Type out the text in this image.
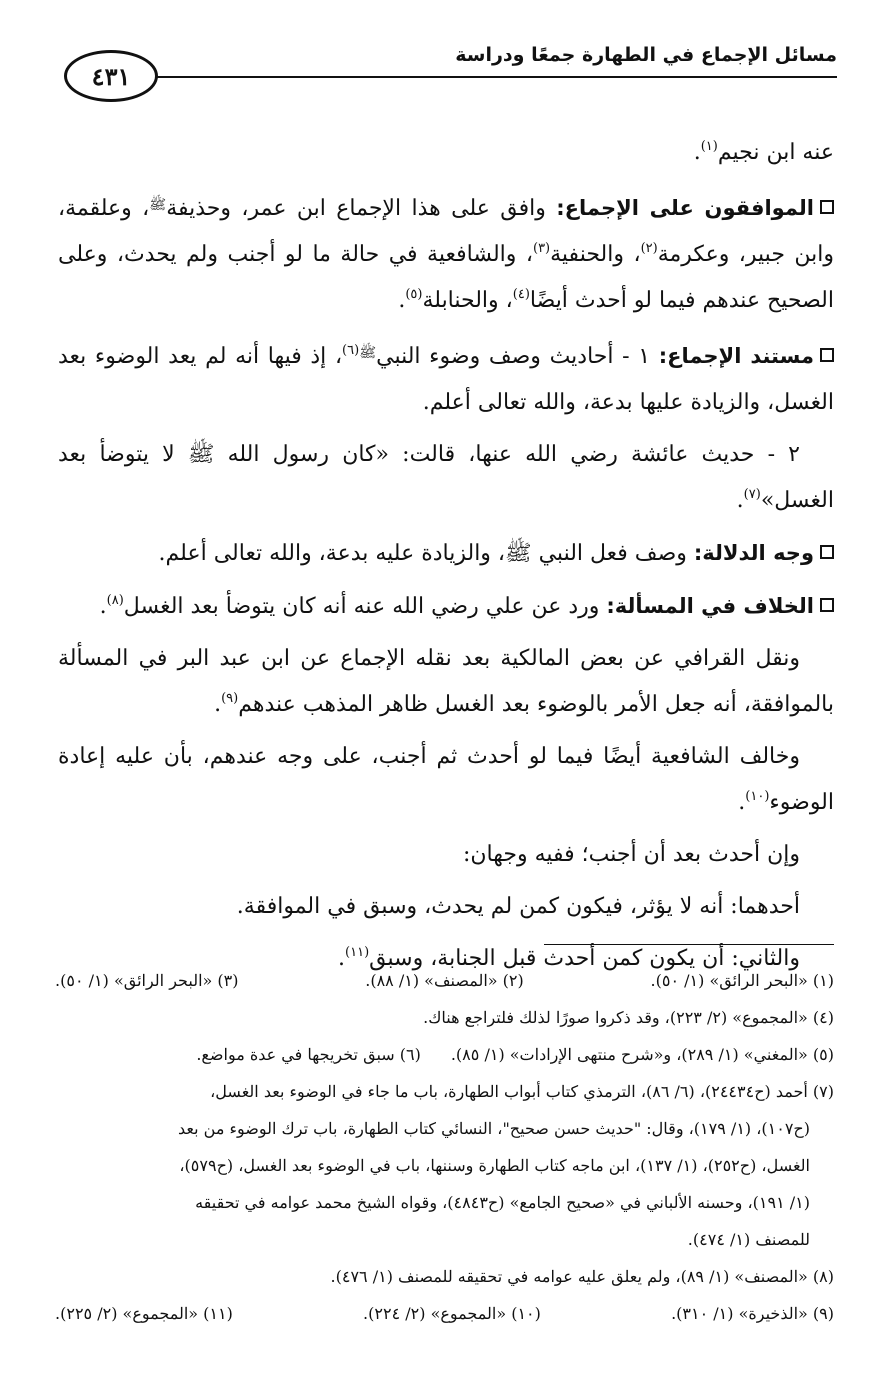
مسائل الإجماع في الطهارة جمعًا ودراسة
٤٣١

عنه ابن نجيم$^{(١)}$.

الموافقون على الإجماع: وافق على هذا الإجماع ابن عمر، وحذيفة$^ﷺ$، وعلقمة، وابن جبير، وعكرمة$^{(٢)}$، والحنفية$^{(٣)}$، والشافعية في حالة ما لو أجنب ولم يحدث، وعلى الصحيح عندهم فيما لو أحدث أيضًا$^{(٤)}$، والحنابلة$^{(٥)}$.

مستند الإجماع: ١ - أحاديث وصف وضوء النبي$^{ﷺ(٦)}$، إذ فيها أنه لم يعد الوضوء بعد الغسل، والزيادة عليها بدعة، والله تعالى أعلم.

٢ - حديث عائشة رضي الله عنها، قالت: «كان رسول الله ﷺ لا يتوضأ بعد الغسل»$^{(٧)}$.

وجه الدلالة: وصف فعل النبي ﷺ، والزيادة عليه بدعة، والله تعالى أعلم.

الخلاف في المسألة: ورد عن علي رضي الله عنه أنه كان يتوضأ بعد الغسل$^{(٨)}$.

ونقل القرافي عن بعض المالكية بعد نقله الإجماع عن ابن عبد البر في المسألة بالموافقة، أنه جعل الأمر بالوضوء بعد الغسل ظاهر المذهب عندهم$^{(٩)}$.

وخالف الشافعية أيضًا فيما لو أحدث ثم أجنب، على وجه عندهم، بأن عليه إعادة الوضوء$^{(١٠)}$.

وإن أحدث بعد أن أجنب؛ ففيه وجهان:

أحدهما: أنه لا يؤثر، فيكون كمن لم يحدث، وسبق في الموافقة.

والثاني: أن يكون كمن أحدث قبل الجنابة، وسبق$^{(١١)}$.

(١) «البحر الرائق» (١/ ٥٠).
(٢) «المصنف» (١/ ٨٨).
(٣) «البحر الرائق» (١/ ٥٠).

(٤) «المجموع» (٢/ ٢٢٣)، وقد ذكروا صورًا لذلك فلتراجع هناك.

(٥) «المغني» (١/ ٢٨٩)، و«شرح منتهى الإرادات» (١/ ٨٥).
(٦) سبق تخريجها في عدة مواضع.

(٧) أحمد (ح٢٤٤٣٤)، (٦/ ٨٦)، الترمذي كتاب أبواب الطهارة، باب ما جاء في الوضوء بعد الغسل،

(ح١٠٧)، (١/ ١٧٩)، وقال: "حديث حسن صحيح"، النسائي كتاب الطهارة، باب ترك الوضوء من بعد

الغسل، (ح٢٥٢)، (١/ ١٣٧)، ابن ماجه كتاب الطهارة وسننها، باب في الوضوء بعد الغسل، (ح٥٧٩)،

(١/ ١٩١)، وحسنه الألباني في «صحيح الجامع» (ح٤٨٤٣)، وقواه الشيخ محمد عوامه في تحقيقه

للمصنف (١/ ٤٧٤).

(٨) «المصنف» (١/ ٨٩)، ولم يعلق عليه عوامه في تحقيقه للمصنف (١/ ٤٧٦).

(٩) «الذخيرة» (١/ ٣١٠).
(١٠) «المجموع» (٢/ ٢٢٤).
(١١) «المجموع» (٢/ ٢٢٥).
